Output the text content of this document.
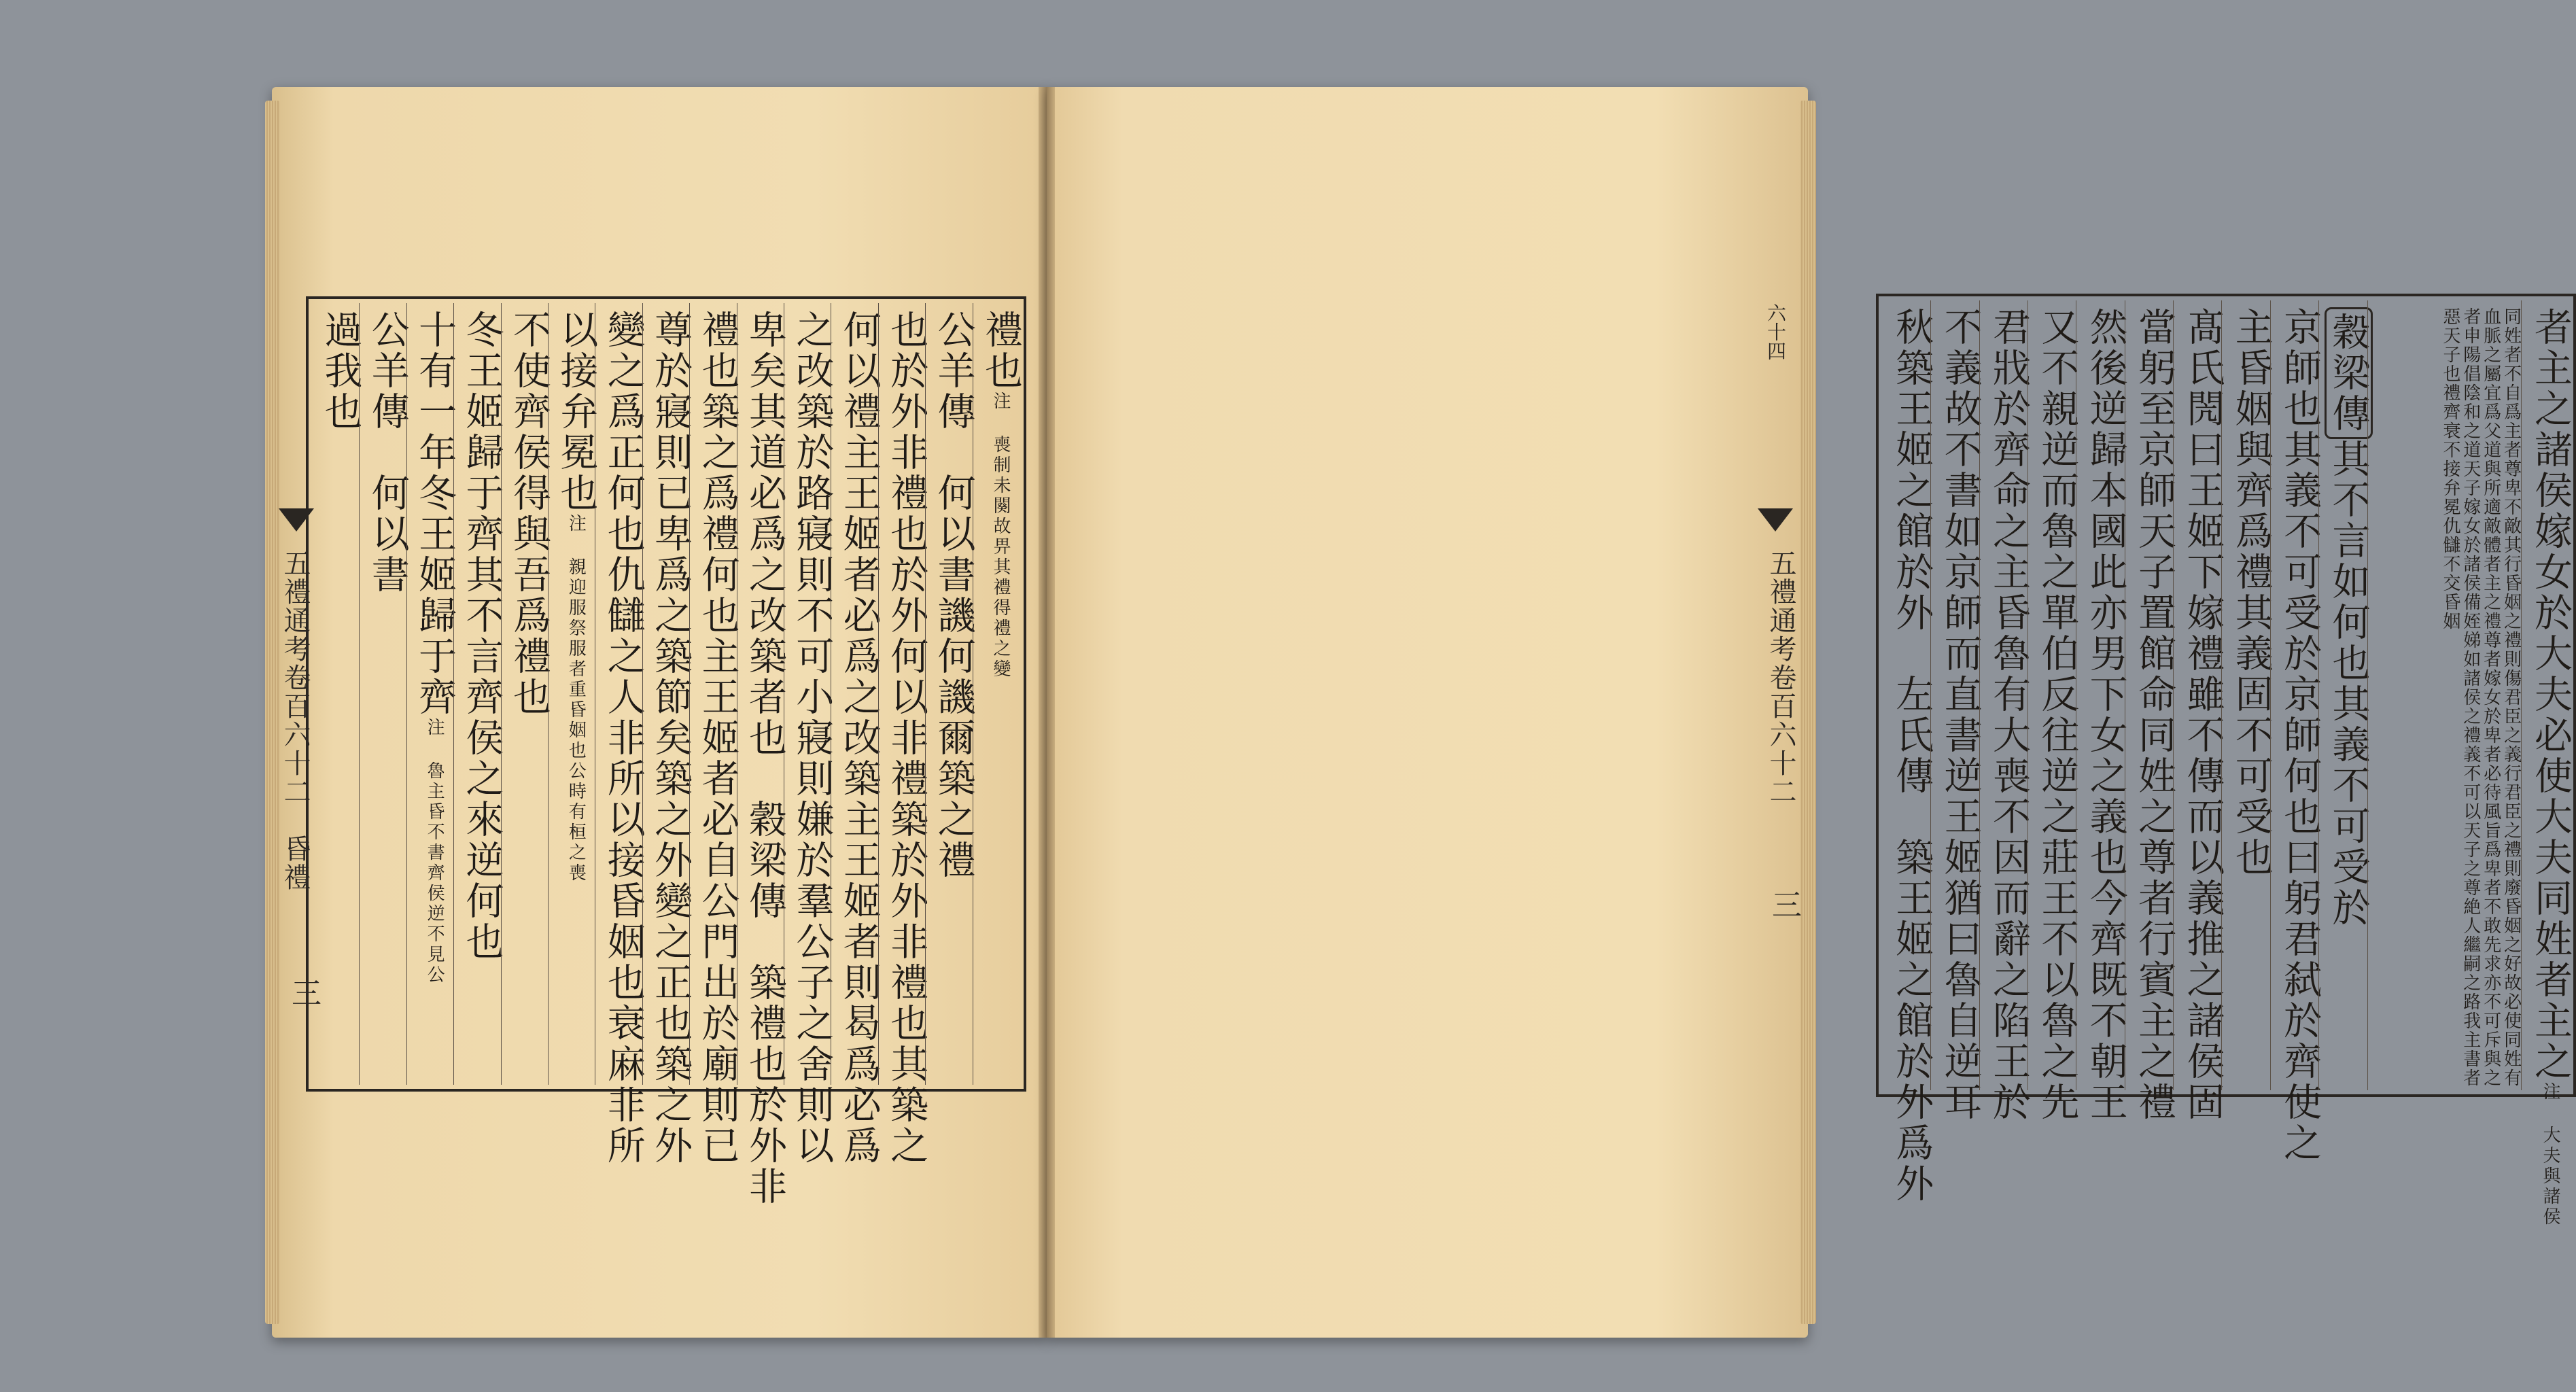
五禮通考卷百六十二　昏禮
三
禮也注 喪制未闋故畀其禮得禮之變
公羊傳　何以書譏何譏爾築之禮
也於外非禮也於外何以非禮築於外非禮也其築之
何以禮主王姬者必爲之改築主王姬者則曷爲必爲
之改築於路寢則不可小寢則嫌於羣公子之舍則以
卑矣其道必爲之改築者也　穀梁傳　築禮也於外非
禮也築之爲禮何也主王姬者必自公門出於廟則已
尊於寢則已卑爲之築節矣築之外變之正也築之外
變之爲正何也仇讎之人非所以接昏姻也衰麻非所
以接弁冕也注 親迎服祭服者重昏姻也公時有桓之喪
不使齊侯得與吾爲禮也
冬王姬歸于齊其不言齊侯之來逆何也
十有一年冬王姬歸于齊注 魯主昏不書齊侯逆不見公
公羊傳　何以書
過我也	者主之諸侯嫁女於大夫必使大夫同姓者主之注 大夫與諸侯
同姓者不自爲主者尊卑不敵其行昏姻之禮則傷君臣之義行君臣之禮則廢昏姻之好故必使同姓有血脈之屬宜爲父道與所適敵體者主之禮尊者嫁女於卑者必待風旨爲卑者不敢先求亦不可斥與之者申陽倡陰和之道天子嫁女於諸侯備姪娣如諸侯之禮義不可以天子之尊絶人繼嗣之路我主書者惡天子也禮齊衰不接弁冕仇讎不交昏姻
穀梁傳其不言如何也其義不可受於
京師也其義不可受於京師何也曰躬君弑於齊使之
主昏姻與齊爲禮其義固不可受也
髙氏閌曰王姬下嫁禮雖不傳而以義推之諸侯固
當躬至京師天子置館命同姓之尊者行賓主之禮
然後逆歸本國此亦男下女之義也今齊既不朝王
又不親逆而魯之單伯反往逆之莊王不以魯之先
君戕於齊命之主昏魯有大喪不因而辭之陷王於
不義故不書如京師而直書逆王姬猶曰魯自逆耳
秋築王姬之館於外　左氏傳　築王姬之館於外爲外
六十四
五禮通考卷百六十二
三
